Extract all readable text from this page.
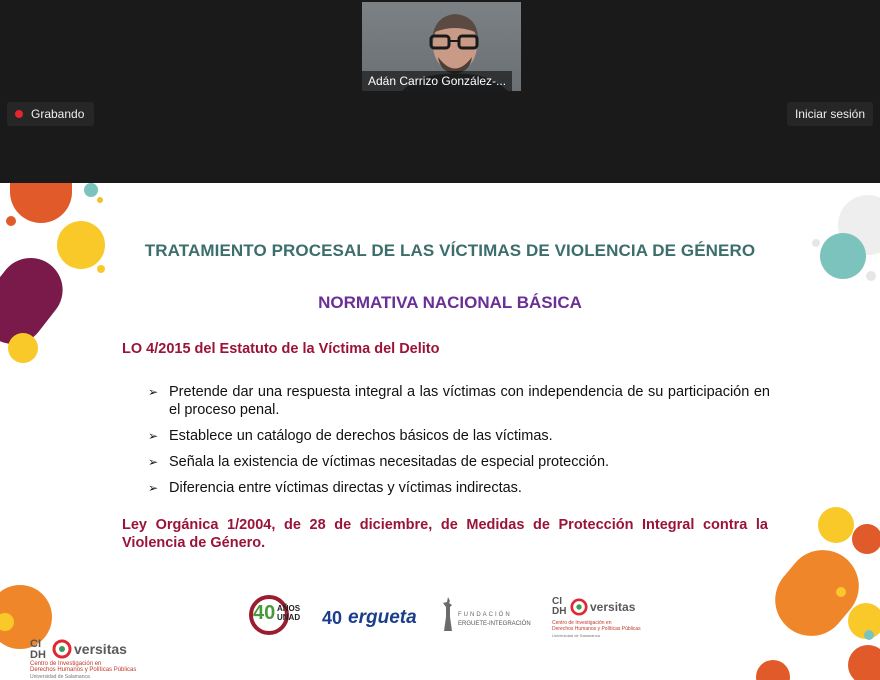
Adán Carrizo González-...
Grabando	Iniciar sesión
TRATAMIENTO PROCESAL DE LAS VÍCTIMAS DE VIOLENCIA DE GÉNERO
NORMATIVA NACIONAL BÁSICA
LO 4/2015 del Estatuto de la Víctima del Delito
➢ Pretende dar una respuesta integral a las víctimas con independencia de su participación en el proceso penal.
➢ Establece un catálogo de derechos básicos de las víctimas.
➢ Señala la existencia de víctimas necesitadas de especial protección.
➢ Diferencia entre víctimas directas y víctimas indirectas.
Ley Orgánica 1/2004, de 28 de diciembre, de Medidas de Protección Integral contra la Violencia de Género.
40 AÑOS
UNAD 40 ergueta	FUNDACIÓN
ERGUETE-INTEGRACIÓN
CI
DH versitas
Centro de Investigación en
Derechos Humanos y Políticas Públicas
Universidad de Salamanca
CI
DH versitas
Centro de Investigación en
Derechos Humanos y Políticas Públicas
Universidad de Salamanca
